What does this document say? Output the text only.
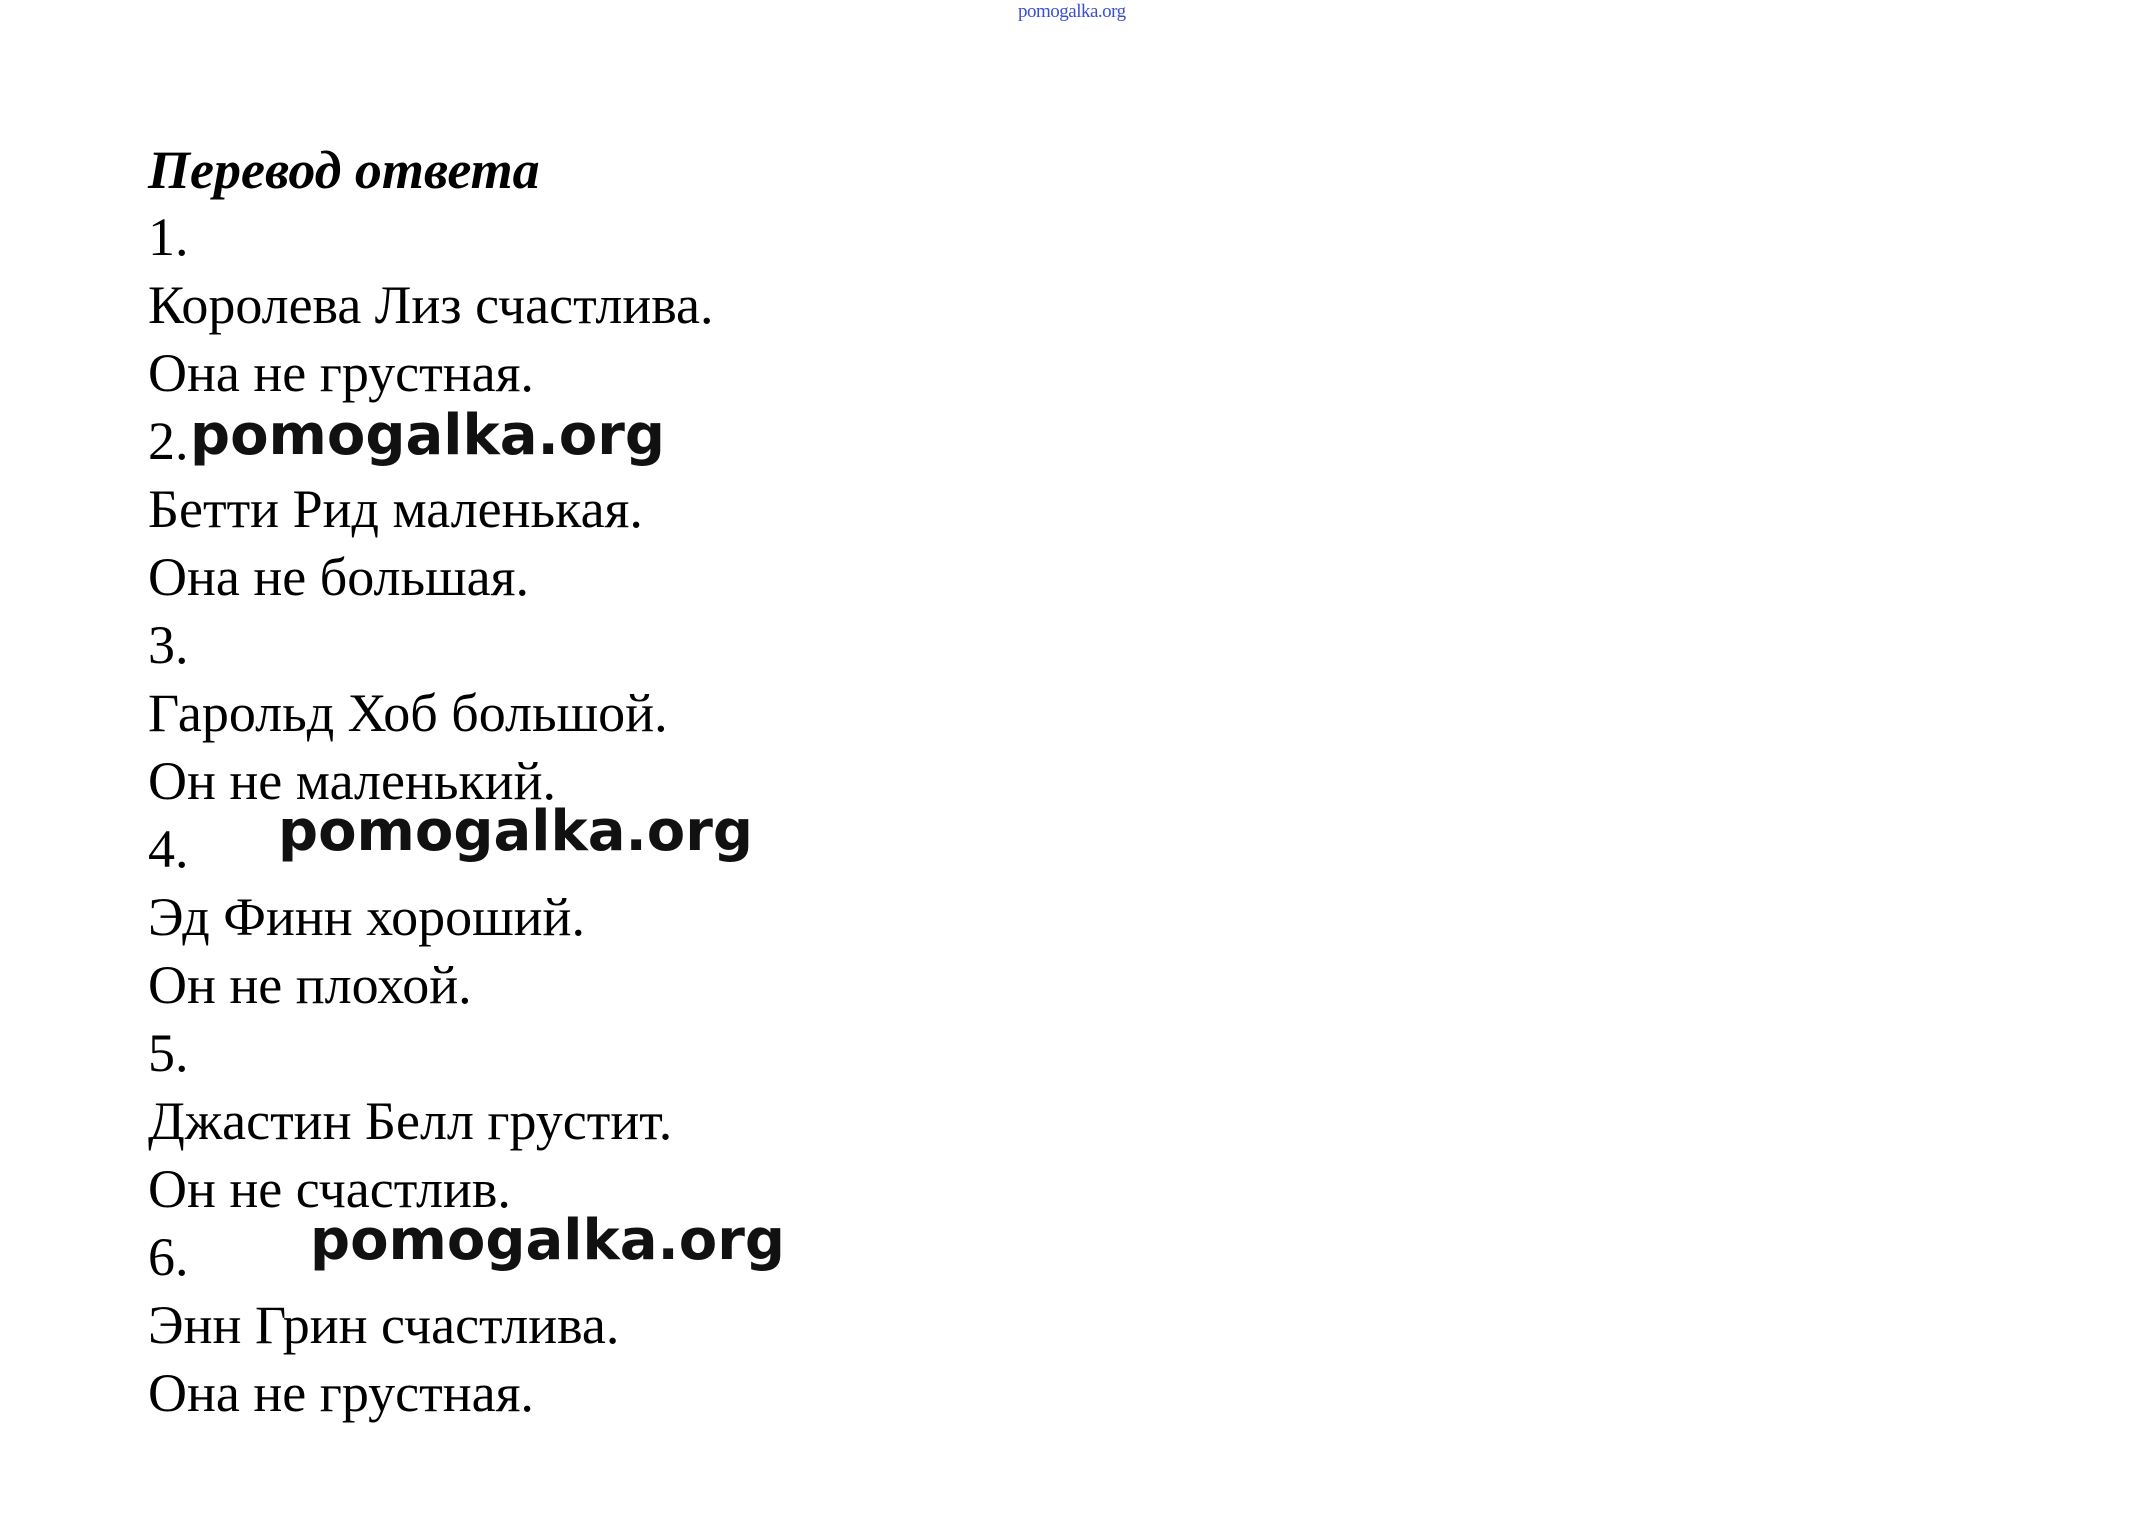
pomogalka.org
Перевод ответа
1.
Королева Лиз счастлива.
Она не грустная.
2.
Бетти Рид маленькая.
Она не большая.
3.
Гарольд Хоб большой.
Он не маленький.
4.
Эд Финн хороший.
Он не плохой.
5.
Джастин Белл грустит.
Он не счастлив.
6.
Энн Грин счастлива.
Она не грустная.
pomogalka.org
pomogalka.org
pomogalka.org
